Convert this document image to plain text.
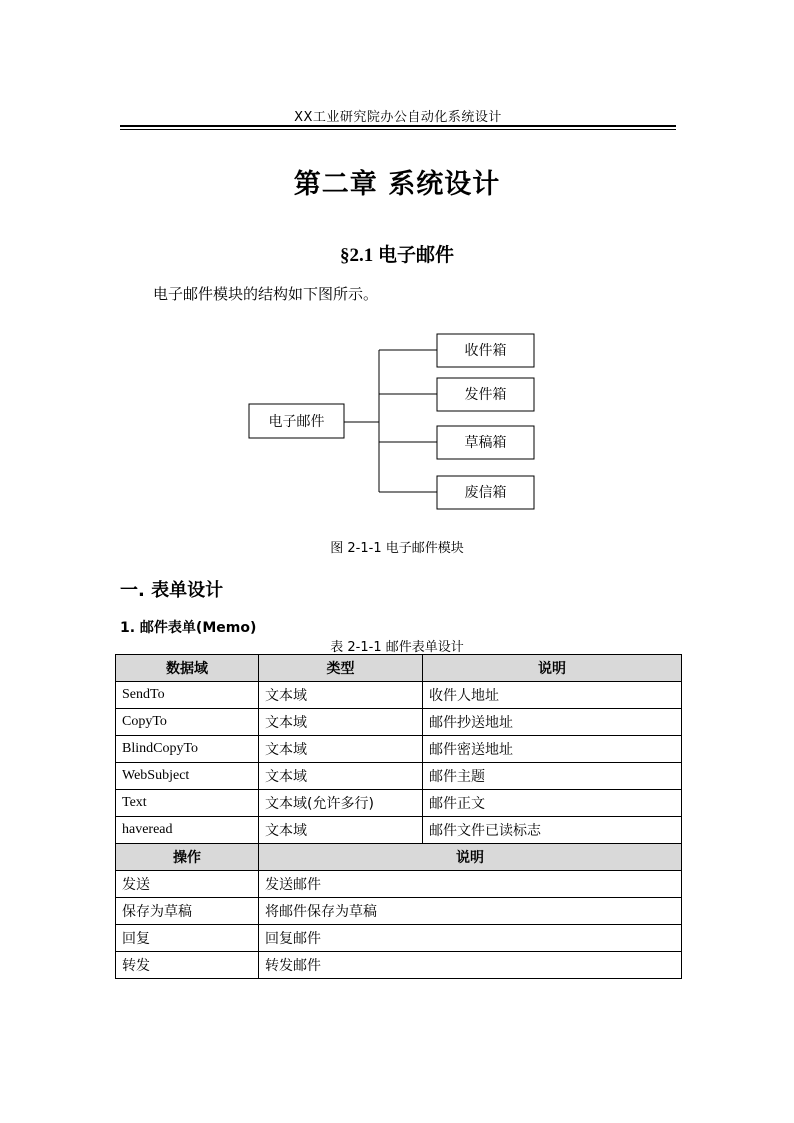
XX工业研究院办公自动化系统设计
第二章 系统设计
§2.1 电子邮件
电子邮件模块的结构如下图所示。
电子邮件
收件箱
发件箱
草稿箱
废信箱
图 2-1-1 电子邮件模块
一. 表单设计
1. 邮件表单(Memo)
表 2-1-1 邮件表单设计
数据域	类型	说明
SendTo	文本域	收件人地址
CopyTo	文本域	邮件抄送地址
BlindCopyTo	文本域	邮件密送地址
WebSubject	文本域	邮件主题
Text	文本域(允许多行)	邮件正文
haveread	文本域	邮件文件已读标志
操作	说明	
发送	发送邮件	
保存为草稿	将邮件保存为草稿	
回复	回复邮件	
转发	转发邮件	
